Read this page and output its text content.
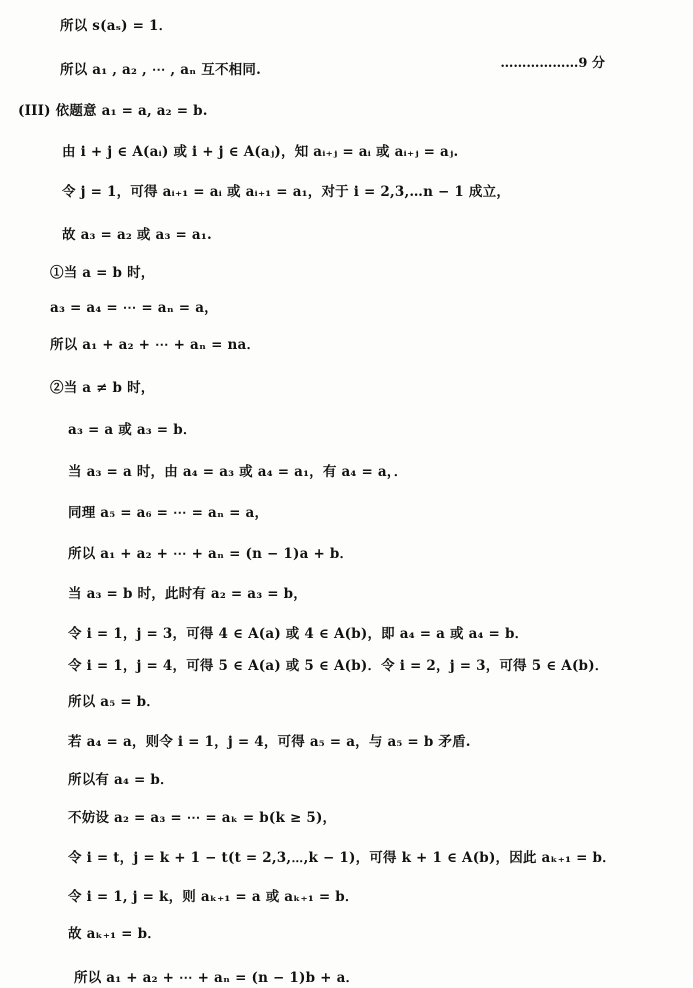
所以 s(aₛ) = 1．
所以 a₁ , a₂ , ⋯ , aₙ 互不相同.	………………9 分
(III) 依题意 a₁ = a, a₂ = b.
由 i + j ∈ A(aᵢ) 或 i + j ∈ A(aⱼ)，知 aᵢ₊ⱼ = aᵢ 或 aᵢ₊ⱼ = aⱼ.
令 j = 1，可得 aᵢ₊₁ = aᵢ 或 aᵢ₊₁ = a₁，对于 i = 2,3,…n − 1 成立，
故 a₃ = a₂ 或 a₃ = a₁.
①当 a = b 时，
a₃ = a₄ = ⋯ = aₙ = a，
所以 a₁ + a₂ + ⋯ + aₙ = na．
②当 a ≠ b 时，
a₃ = a 或 a₃ = b．
当 a₃ = a 时，由 a₄ = a₃ 或 a₄ = a₁，有 a₄ = a，．
同理 a₅ = a₆ = ⋯ = aₙ = a，
所以 a₁ + a₂ + ⋯ + aₙ = (n − 1)a + b．
当 a₃ = b 时，此时有 a₂ = a₃ = b，
令 i = 1，j = 3，可得 4 ∈ A(a) 或 4 ∈ A(b)，即 a₄ = a 或 a₄ = b．
令 i = 1，j = 4，可得 5 ∈ A(a) 或 5 ∈ A(b)．令 i = 2，j = 3，可得 5 ∈ A(b)．
所以 a₅ = b．
若 a₄ = a，则令 i = 1，j = 4，可得 a₅ = a，与 a₅ = b 矛盾.
所以有 a₄ = b．
不妨设 a₂ = a₃ = ⋯ = aₖ = b(k ≥ 5)，
令 i = t，j = k + 1 − t(t = 2,3,⋯,k − 1)，可得 k + 1 ∈ A(b)，因此 aₖ₊₁ = b．
令 i = 1, j = k，则 aₖ₊₁ = a 或 aₖ₊₁ = b．
故 aₖ₊₁ = b．
所以 a₁ + a₂ + ⋯ + aₙ = (n − 1)b + a．
